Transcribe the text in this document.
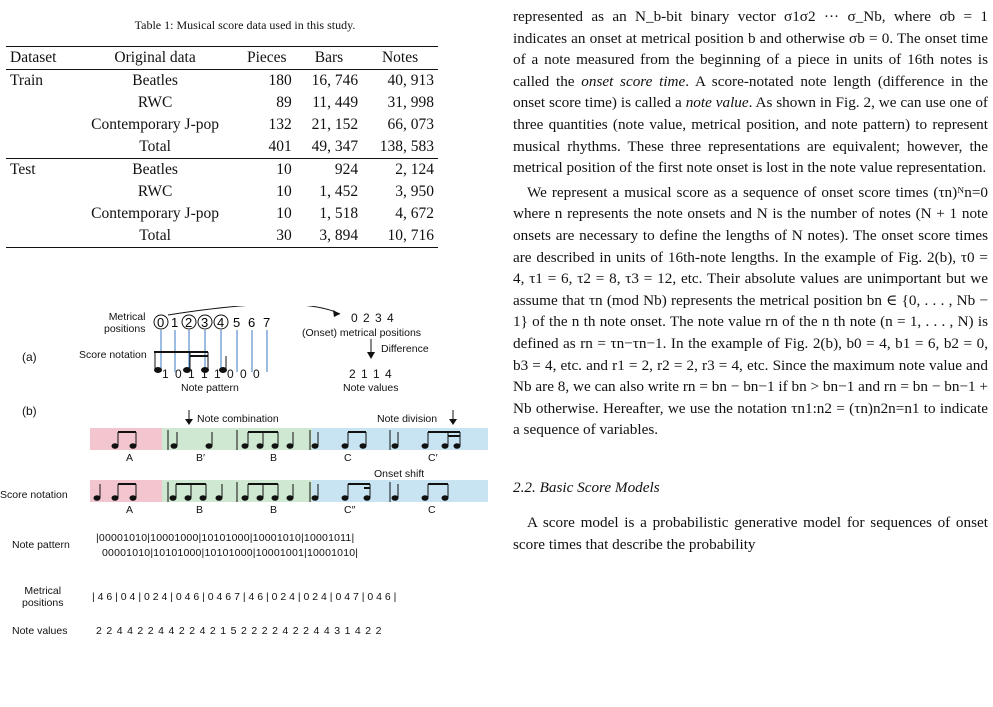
Table 1: Musical score data used in this study.
Dataset	Original data	Pieces	Bars	Notes
Train	Beatles	180	16, 746	40, 913
	RWC	89	11, 449	31, 998
	Contemporary J-pop	132	21, 152	66, 073
	Total	401	49, 347	138, 583
Test	Beatles	10	924	2, 124
	RWC	10	1, 452	3, 950
	Contemporary J-pop	10	1, 518	4, 672
	Total	30	3, 894	10, 716
(a)
Metrical
positions
Score notation
0 1 2 3 4 5 6 7	0 2 3 4
(Onset) metrical positions
Difference
2 1 1 4
Note values
1 0 1 1 1 0 0 0
Note pattern
(b)
Note combination	Note division
Score notation
A	B′	B	C	C′
Onset shift
A	B	B	C″	C
Note pattern
|00001010|10001000|10101000|10001010|10001011|
00001010|10101000|10101000|10001001|10001010|
Metrical
positions	| 4 6 | 0 4 | 0 2 4 | 0 4 6 | 0 4 6 7 | 4 6 | 0 2 4 | 0 2 4 | 0 4 7 | 0 4 6 |
Note values	2 2 4 4 2 2 4 4 2 2 4 2 1 5 2 2 2 2 4 2 2 4 4 3 1 4 2 2

represented as an N_b-bit binary vector σ1σ2 ··· σ_Nb, where σb = 1 indicates an onset at metrical position b and otherwise σb = 0. The onset time of a note measured from the beginning of a piece in units of 16th notes is called the onset score time. A score-notated note length (difference in the onset score time) is called a note value. As shown in Fig. 2, we can use one of three quantities (note value, metrical position, and note pattern) to represent musical rhythms. These three representations are equivalent; however, the metrical position of the first note onset is lost in the note value representation.

We represent a musical score as a sequence of onset score times (τn)ᴺn=0 where n represents the note onsets and N is the number of notes (N + 1 note onsets are necessary to define the lengths of N notes). The onset score times are described in units of 16th-note lengths. In the example of Fig. 2(b), τ0 = 4, τ1 = 6, τ2 = 8, τ3 = 12, etc. Their absolute values are unimportant but we assume that τn (mod Nb) represents the metrical position bn ∈ {0, . . . , Nb − 1} of the n th note onset. The note value rn of the n th note (n = 1, . . . , N) is defined as rn = τn−τn−1. In the example of Fig. 2(b), b0 = 4, b1 = 6, b2 = 0, b3 = 4, etc. and r1 = 2, r2 = 2, r3 = 4, etc. Since the maximum note value and Nb are 8, we can also write rn = bn − bn−1 if bn > bn−1 and rn = bn − bn−1 + Nb otherwise. Hereafter, we use the notation τn1:n2 = (τn)n2n=n1 to indicate a sequence of variables.

2.2. Basic Score Models

A score model is a probabilistic generative model for sequences of onset score times that describe the probability
